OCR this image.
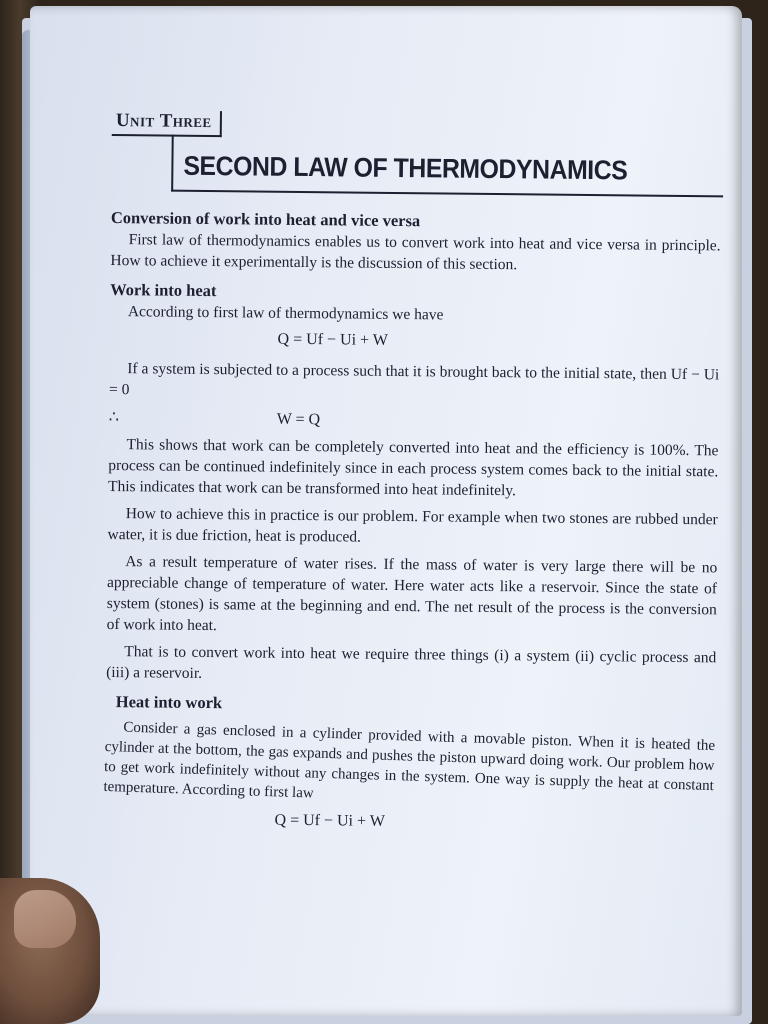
Unit Three
SECOND LAW OF THERMODYNAMICS

Conversion of work into heat and vice versa

First law of thermodynamics enables us to convert work into heat and vice versa in principle. How to achieve it experimentally is the discussion of this section.

Work into heat

According to first law of thermodynamics we have

Q = Uf − Ui + W

If a system is subjected to a process such that it is brought back to the initial state, then Uf − Ui = 0

∴	W = Q

This shows that work can be completely converted into heat and the efficiency is 100%. The process can be continued indefinitely since in each process system comes back to the initial state. This indicates that work can be transformed into heat indefinitely.

How to achieve this in practice is our problem. For example when two stones are rubbed under water, it is due friction, heat is produced.

As a result temperature of water rises. If the mass of water is very large there will be no appreciable change of temperature of water. Here water acts like a reservoir. Since the state of system (stones) is same at the beginning and end. The net result of the process is the conversion of work into heat.

That is to convert work into heat we require three things (i) a system (ii) cyclic process and (iii) a reservoir.

Heat into work

Consider a gas enclosed in a cylinder provided with a movable piston. When it is heated the cylinder at the bottom, the gas expands and pushes the piston upward doing work. Our problem how to get work indefinitely without any changes in the system. One way is supply the heat at constant temperature. According to first law

Q = Uf − Ui + W
